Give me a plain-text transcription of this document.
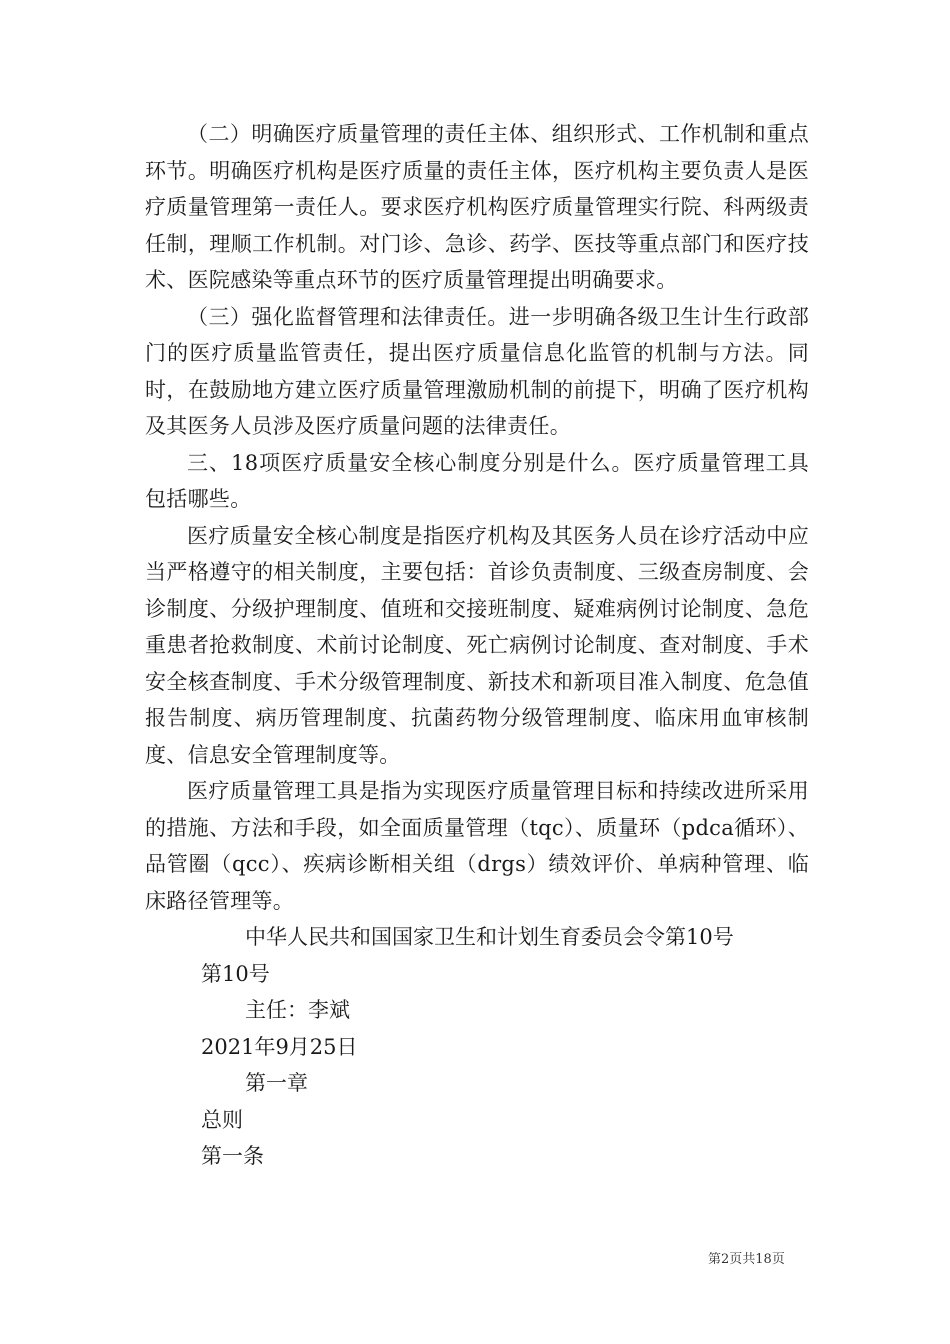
（二）明确医疗质量管理的责任主体、组织形式、工作机制和重点环节。明确医疗机构是医疗质量的责任主体，医疗机构主要负责人是医疗质量管理第一责任人。要求医疗机构医疗质量管理实行院、科两级责任制，理顺工作机制。对门诊、急诊、药学、医技等重点部门和医疗技术、医院感染等重点环节的医疗质量管理提出明确要求。

（三）强化监督管理和法律责任。进一步明确各级卫生计生行政部门的医疗质量监管责任，提出医疗质量信息化监管的机制与方法。同时，在鼓励地方建立医疗质量管理激励机制的前提下，明确了医疗机构及其医务人员涉及医疗质量问题的法律责任。

三、18项医疗质量安全核心制度分别是什么。医疗质量管理工具包括哪些。

医疗质量安全核心制度是指医疗机构及其医务人员在诊疗活动中应当严格遵守的相关制度，主要包括：首诊负责制度、三级查房制度、会诊制度、分级护理制度、值班和交接班制度、疑难病例讨论制度、急危重患者抢救制度、术前讨论制度、死亡病例讨论制度、查对制度、手术安全核查制度、手术分级管理制度、新技术和新项目准入制度、危急值报告制度、病历管理制度、抗菌药物分级管理制度、临床用血审核制度、信息安全管理制度等。

医疗质量管理工具是指为实现医疗质量管理目标和持续改进所采用的措施、方法和手段，如全面质量管理（tqc）、质量环（pdca循环）、品管圈（qcc）、疾病诊断相关组（drgs）绩效评价、单病种管理、临床路径管理等。

中华人民共和国国家卫生和计划生育委员会令第10号

第10号

主任：李斌

2021年9月25日

第一章

总则

第一条

第2页共18页
